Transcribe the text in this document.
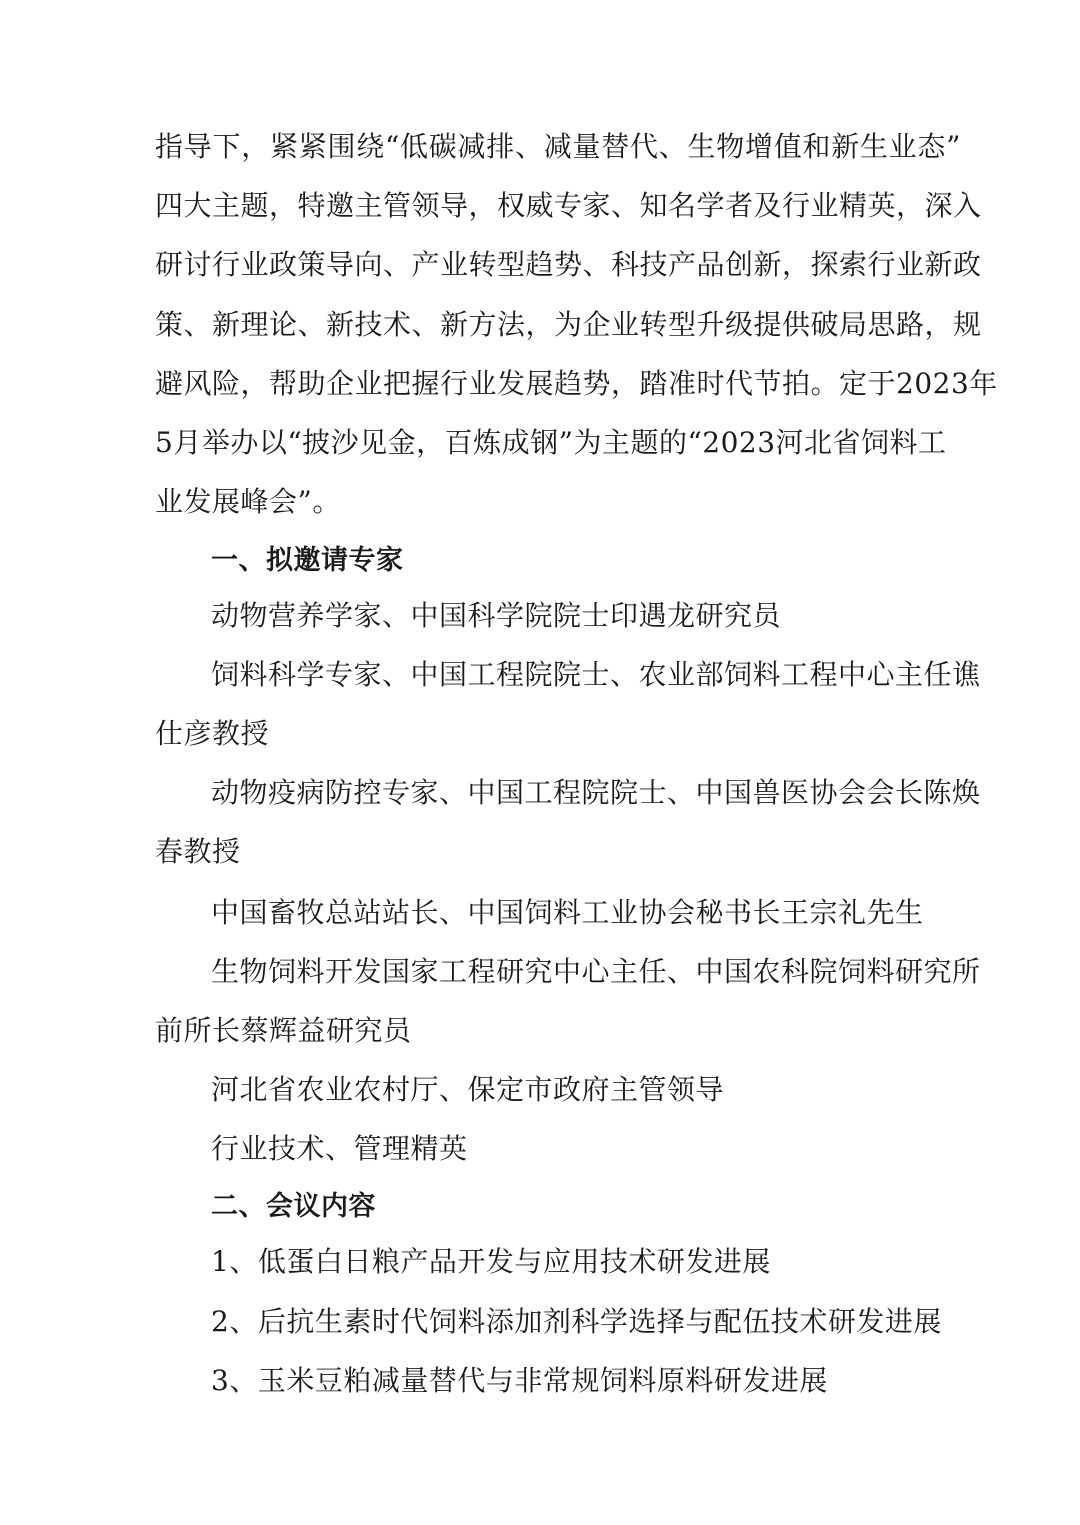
指导下，紧紧围绕“低碳减排、减量替代、生物增值和新生业态”
四大主题，特邀主管领导，权威专家、知名学者及行业精英，深入
研讨行业政策导向、产业转型趋势、科技产品创新，探索行业新政
策、新理论、新技术、新方法，为企业转型升级提供破局思路，规
避风险，帮助企业把握行业发展趋势，踏准时代节拍。定于2023年
5月举办以“披沙见金，百炼成钢”为主题的“2023河北省饲料工
业发展峰会”。
一、拟邀请专家
动物营养学家、中国科学院院士印遇龙研究员
饲料科学专家、中国工程院院士、农业部饲料工程中心主任谯
仕彦教授
动物疫病防控专家、中国工程院院士、中国兽医协会会长陈焕
春教授
中国畜牧总站站长、中国饲料工业协会秘书长王宗礼先生
生物饲料开发国家工程研究中心主任、中国农科院饲料研究所
前所长蔡辉益研究员
河北省农业农村厅、保定市政府主管领导
行业技术、管理精英
二、会议内容
1、低蛋白日粮产品开发与应用技术研发进展
2、后抗生素时代饲料添加剂科学选择与配伍技术研发进展
3、玉米豆粕减量替代与非常规饲料原料研发进展
